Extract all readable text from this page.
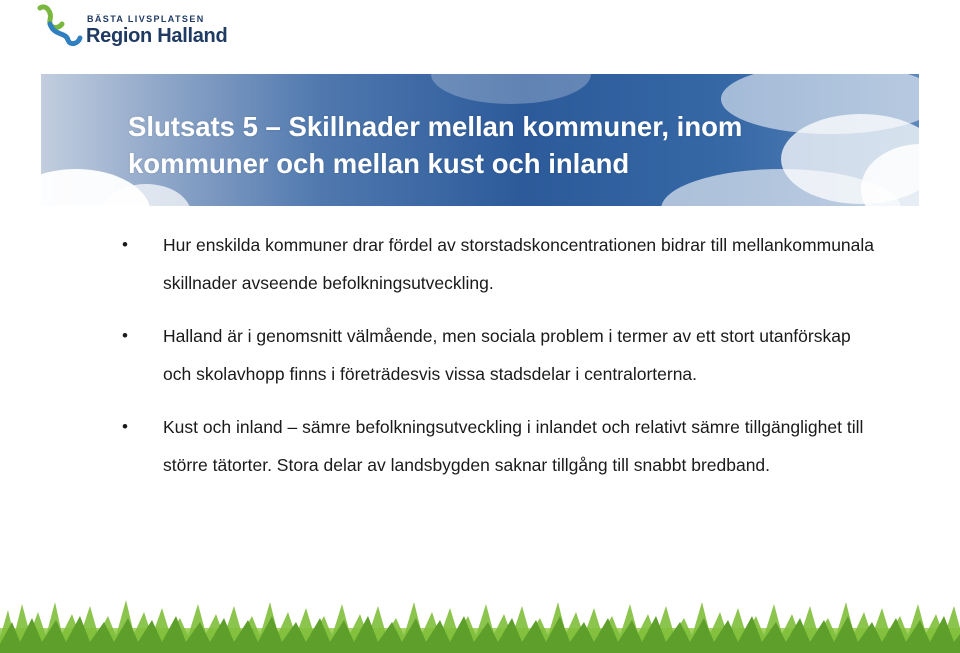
BÄSTA LIVSPLATSEN
Region Halland
Slutsats 5 – Skillnader mellan kommuner, inom kommuner och mellan kust och inland
• Hur enskilda kommuner drar fördel av storstadskoncentrationen bidrar till mellankommunala skillnader avseende befolkningsutveckling.
• Halland är i genomsnitt välmående, men sociala problem i termer av ett stort utanförskap och skolavhopp finns i företrädesvis vissa stadsdelar i centralorterna.
• Kust och inland – sämre befolkningsutveckling i inlandet och relativt sämre tillgänglighet till större tätorter. Stora delar av landsbygden saknar tillgång till snabbt bredband.
